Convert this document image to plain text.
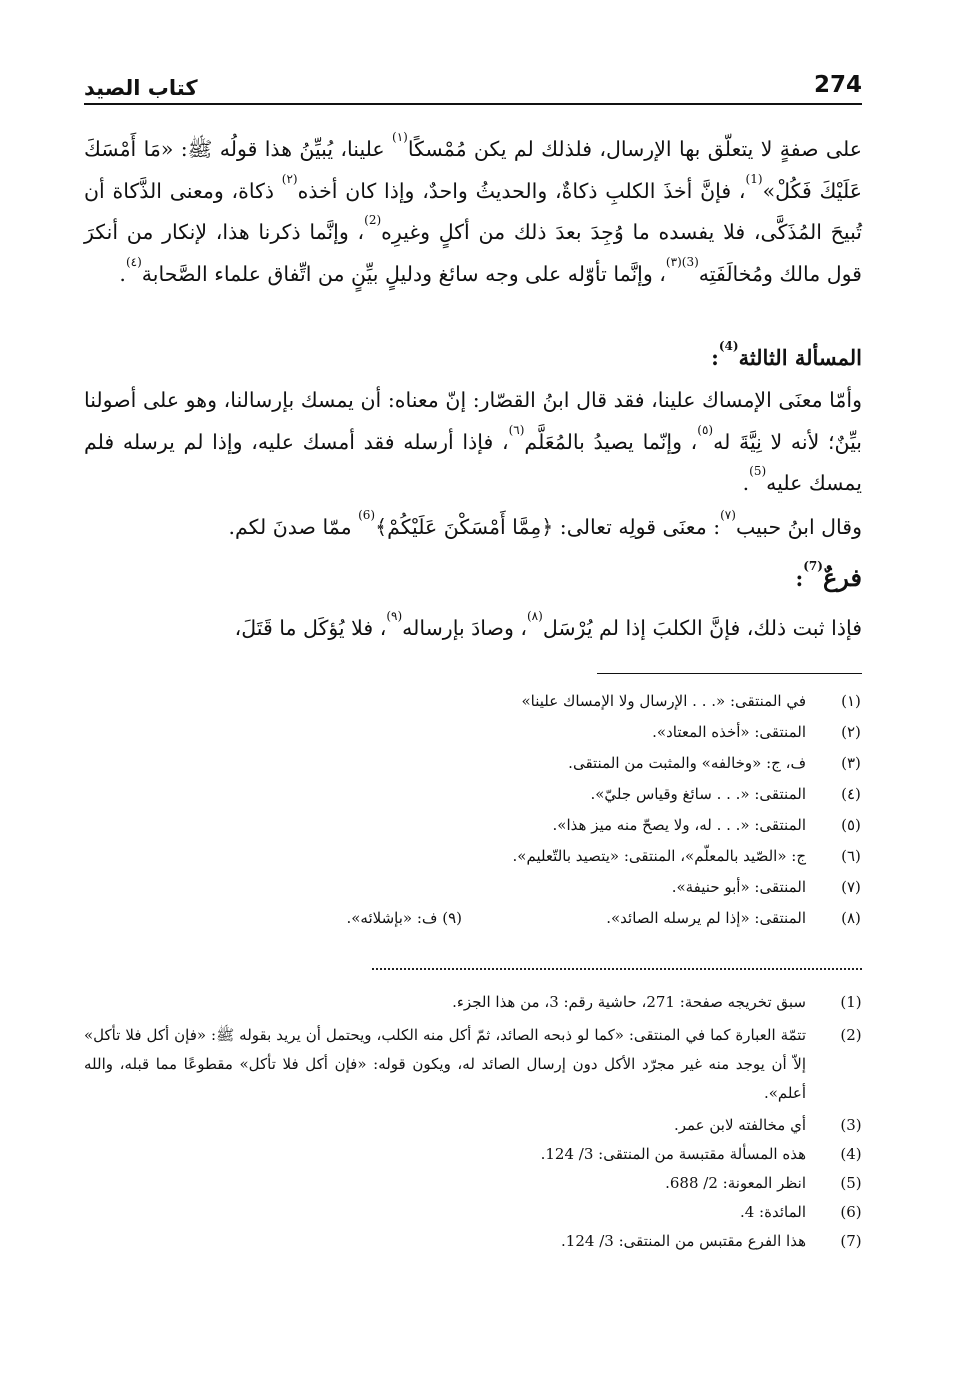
كتاب الصيد	274

على صفةٍ لا يتعلّق بها الإرسال، فلذلك لم يكن مُمْسكًا$^{(١)}$ علينا، يُبيِّنُ هذا قولُه ﷺ: «مَا أَمْسَكَ عَلَيْكَ فَكُلْ»$^{(1)}$، فإنَّ أخذَ الكلبِ ذكاةٌ، والحديثُ واحدٌ، وإذا كان أخذه$^{(٢)}$ ذكاة، ومعنى الذَّكاة أن تُبيحَ المُذَكَّى، فلا يفسده ما وُجِدَ بعدَ ذلك من أكلٍ وغيرِه$^{(2)}$، وإنَّما ذكرنا هذا، لإنكار من أنكرَ قول مالك ومُخالَفَتِه$^{(3)(٣)}$، وإنَّما تأوّله على وجه سائغ ودليلٍ بيِّنٍ من اتِّفاق علماء الصَّحابة$^{(٤)}$.

المسألة الثالثة$^{(4)}$:

وأمّا معنَى الإمساك علينا، فقد قال ابنُ القصّار: إنّ معناه: أن يمسك بإرسالنا، وهو على أصولنا بيِّنٌ؛ لأنه لا نِيَّةَ له$^{(٥)}$، وإنّما يصيدُ بالمُعَلَّم$^{(٦)}$، فإذا أرسله فقد أمسك عليه، وإذا لم يرسله فلم يمسك عليه$^{(5)}$.

وقال ابنُ حبيب$^{(٧)}$: معنَى قولِه تعالى: ﴿مِمَّا أَمْسَكْنَ عَلَيْكُمْ﴾$^{(6)}$ ممّا صدنَ لكم.

فرعٌ$^{(7)}$:

فإذا ثبت ذلك، فإنَّ الكلبَ إذا لم يُرْسَل$^{(٨)}$، وصادَ بإرساله$^{(٩)}$، فلا يُؤكَل ما قَتَلَ،

(١)
في المنتقى: «. . . الإرسال ولا الإمساك علينا»
(٢)
المنتقى: «أخذه المعتاد».
(٣)
ف، ج: «وخالفه» والمثبت من المنتقى.
(٤)
المنتقى: «. . . سائغ وقياس جليّ».
(٥)
المنتقى: «. . . له، ولا يصحّ منه ميز هذا».
(٦)
ج: «الصّيد بالمعلّم»، المنتقى: «يتصيد بالتّعليم».
(٧)
المنتقى: «أبو حنيفة».
(٨)
المنتقى: «إذا لم يرسله الصائد».
(٩) ف: «بإشلائه».
(1)
سبق تخريجه صفحة: 271، حاشية رقم: 3، من هذا الجزء.
(2)
تتمّة العبارة كما في المنتقى: «كما لو ذبحه الصائد، ثمّ أكل منه الكلب، ويحتمل أن يريد بقوله ﷺ: «فإن أكل فلا تأكل» إلاّ أن يوجد منه غير مجرّد الأكل دون إرسال الصائد له، ويكون قوله: «فإن أكل فلا تأكل» مقطوعًا مما قبله، والله أعلم».
(3)
أي مخالفته لابن عمر.
(4)
هذه المسألة مقتبسة من المنتقى: 3/ 124.
(5)
انظر المعونة: 2/ 688.
(6)
المائدة: 4.
(7)
هذا الفرع مقتبس من المنتقى: 3/ 124.
